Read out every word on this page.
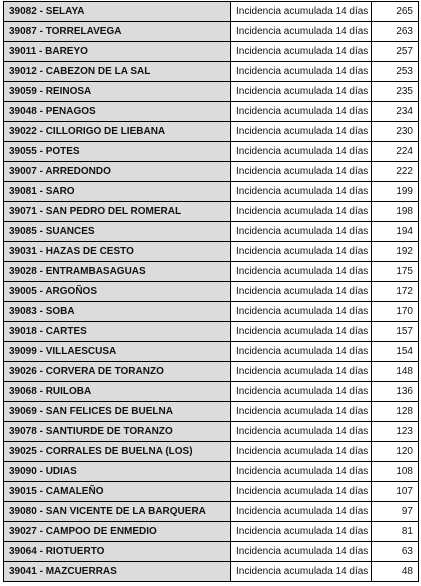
39082 - SELAYA	Incidencia acumulada 14 días	265
39087 - TORRELAVEGA	Incidencia acumulada 14 días	263
39011 - BAREYO	Incidencia acumulada 14 días	257
39012 - CABEZON DE LA SAL	Incidencia acumulada 14 días	253
39059 - REINOSA	Incidencia acumulada 14 días	235
39048 - PENAGOS	Incidencia acumulada 14 días	234
39022 - CILLORIGO DE LIEBANA	Incidencia acumulada 14 días	230
39055 - POTES	Incidencia acumulada 14 días	224
39007 - ARREDONDO	Incidencia acumulada 14 días	222
39081 - SARO	Incidencia acumulada 14 días	199
39071 - SAN PEDRO DEL ROMERAL	Incidencia acumulada 14 días	198
39085 - SUANCES	Incidencia acumulada 14 días	194
39031 - HAZAS DE CESTO	Incidencia acumulada 14 días	192
39028 - ENTRAMBASAGUAS	Incidencia acumulada 14 días	175
39005 - ARGOÑOS	Incidencia acumulada 14 días	172
39083 - SOBA	Incidencia acumulada 14 días	170
39018 - CARTES	Incidencia acumulada 14 días	157
39099 - VILLAESCUSA	Incidencia acumulada 14 días	154
39026 - CORVERA DE TORANZO	Incidencia acumulada 14 días	148
39068 - RUILOBA	Incidencia acumulada 14 días	136
39069 - SAN FELICES DE BUELNA	Incidencia acumulada 14 días	128
39078 - SANTIURDE DE TORANZO	Incidencia acumulada 14 días	123
39025 - CORRALES DE BUELNA (LOS)	Incidencia acumulada 14 días	120
39090 - UDIAS	Incidencia acumulada 14 días	108
39015 - CAMALEÑO	Incidencia acumulada 14 días	107
39080 - SAN VICENTE DE LA BARQUERA	Incidencia acumulada 14 días	97
39027 - CAMPOO DE ENMEDIO	Incidencia acumulada 14 días	81
39064 - RIOTUERTO	Incidencia acumulada 14 días	63
39041 - MAZCUERRAS	Incidencia acumulada 14 días	48
